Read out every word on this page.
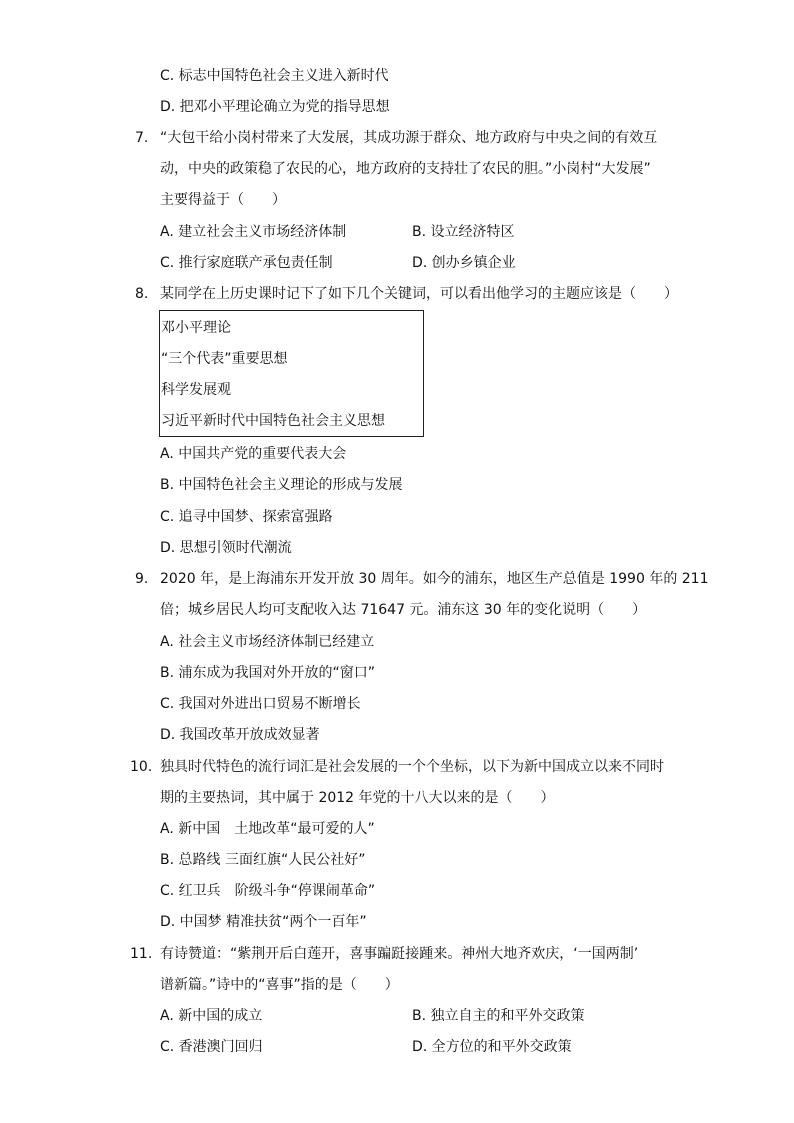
C. 标志中国特色社会主义进入新时代
D. 把邓小平理论确立为党的指导思想
7. “大包干给小岗村带来了大发展，其成功源于群众、地方政府与中央之间的有效互
动，中央的政策稳了农民的心，地方政府的支持壮了农民的胆。”小岗村“大发展”
主要得益于（　　）
A. 建立社会主义市场经济体制	B. 设立经济特区
C. 推行家庭联产承包责任制	D. 创办乡镇企业
8. 某同学在上历史课时记下了如下几个关键词，可以看出他学习的主题应该是（　　）
邓小平理论
“三个代表”重要思想
科学发展观
习近平新时代中国特色社会主义思想
A. 中国共产党的重要代表大会
B. 中国特色社会主义理论的形成与发展
C. 追寻中国梦、探索富强路
D. 思想引领时代潮流
9. 2020 年，是上海浦东开发开放 30 周年。如今的浦东，地区生产总值是 1990 年的 211
倍；城乡居民人均可支配收入达 71647 元。浦东这 30 年的变化说明（　　）
A. 社会主义市场经济体制已经建立
B. 浦东成为我国对外开放的“窗口”
C. 我国对外进出口贸易不断增长
D. 我国改革开放成效显著
10. 独具时代特色的流行词汇是社会发展的一个个坐标，以下为新中国成立以来不同时
期的主要热词，其中属于 2012 年党的十八大以来的是（　　）
A. 新中国　土地改革“最可爱的人”
B. 总路线 三面红旗“人民公社好”
C. 红卫兵　阶级斗争“停课闹革命”
D. 中国梦 精准扶贫“两个一百年”
11. 有诗赞道：“紫荆开后白莲开，喜事蹁跹接踵来。神州大地齐欢庆，‘一国两制’
谱新篇。”诗中的“喜事”指的是（　　）
A. 新中国的成立	B. 独立自主的和平外交政策
C. 香港澳门回归	D. 全方位的和平外交政策
